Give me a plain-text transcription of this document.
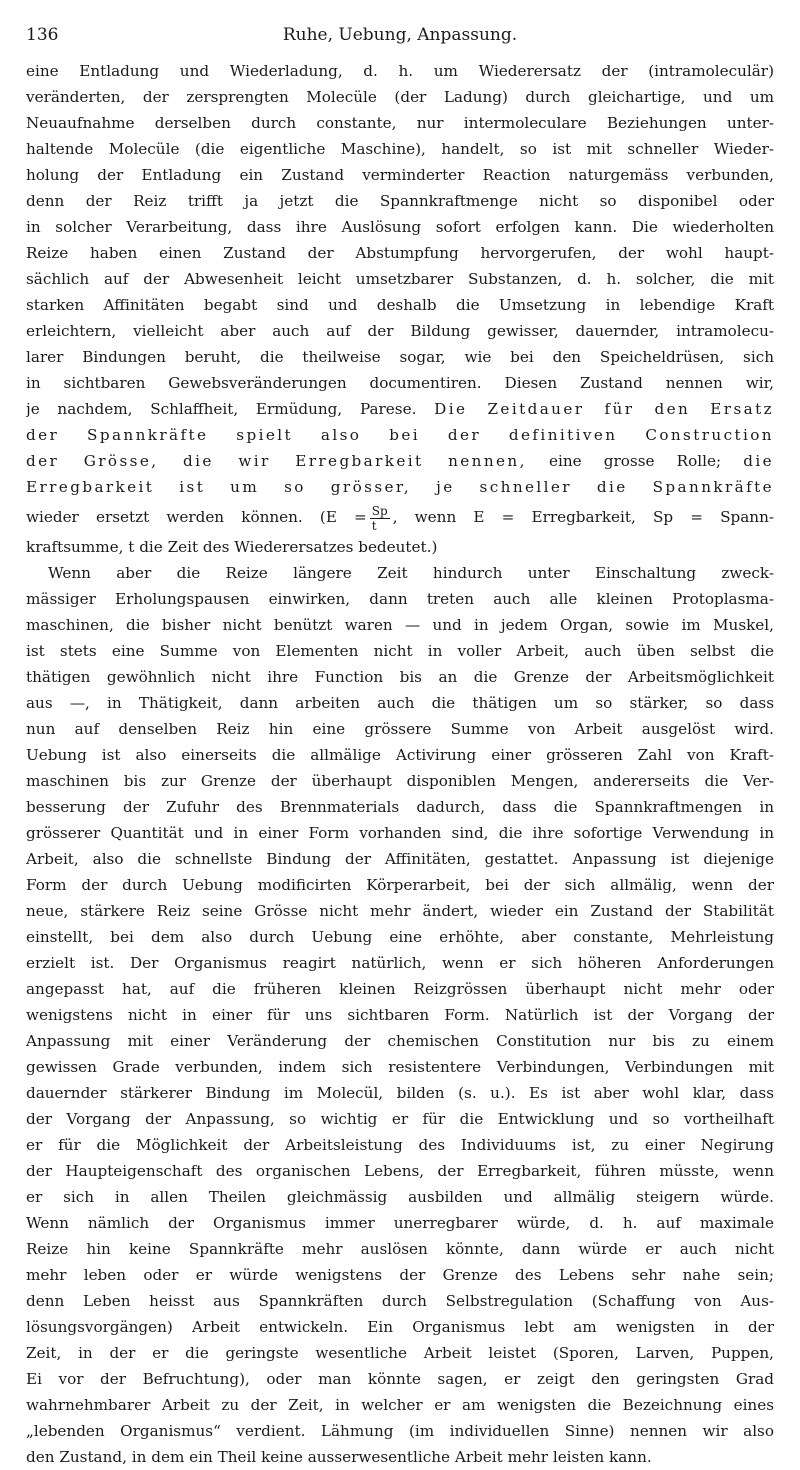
136	Ruhe, Uebung, Anpassung.
eine Entladung und Wiederladung, d. h. um Wiederersatz der (intramoleculär)
veränderten, der zersprengten Molecüle (der Ladung) durch gleichartige, und um
Neuaufnahme derselben durch constante, nur intermoleculare Beziehungen unter-
haltende Molecüle (die eigentliche Maschine), handelt, so ist mit schneller Wieder-
holung der Entladung ein Zustand verminderter Reaction naturgemäss verbunden,
denn der Reiz trifft ja jetzt die Spannkraftmenge nicht so disponibel oder
in solcher Verarbeitung, dass ihre Auslösung sofort erfolgen kann. Die wiederholten
Reize haben einen Zustand der Abstumpfung hervorgerufen, der wohl haupt-
sächlich auf der Abwesenheit leicht umsetzbarer Substanzen, d. h. solcher, die mit
starken Affinitäten begabt sind und deshalb die Umsetzung in lebendige Kraft
erleichtern, vielleicht aber auch auf der Bildung gewisser, dauernder, intramolecu-
larer Bindungen beruht, die theilweise sogar, wie bei den Speicheldrüsen, sich
in sichtbaren Gewebsveränderungen documentiren. Diesen Zustand nennen wir,
je nachdem, Schlaffheit, Ermüdung, Parese. Die Zeitdauer für den Ersatz
der Spannkräfte spielt also bei der definitiven Construction
der Grösse, die wir Erregbarkeit nennen, eine grosse Rolle; die
Erregbarkeit ist um so grösser, je schneller die Spannkräfte
wieder ersetzt werden können. ($E = \frac{Sp}{t}$ , wenn E = Erregbarkeit, Sp = Spann-
kraftsumme, t die Zeit des Wiederersatzes bedeutet.)
Wenn aber die Reize längere Zeit hindurch unter Einschaltung zweck-
mässiger Erholungspausen einwirken, dann treten auch alle kleinen Protoplasma-
maschinen, die bisher nicht benützt waren — und in jedem Organ, sowie im Muskel,
ist stets eine Summe von Elementen nicht in voller Arbeit, auch üben selbst die
thätigen gewöhnlich nicht ihre Function bis an die Grenze der Arbeitsmöglichkeit
aus —, in Thätigkeit, dann arbeiten auch die thätigen um so stärker, so dass
nun auf denselben Reiz hin eine grössere Summe von Arbeit ausgelöst wird.
Uebung ist also einerseits die allmälige Activirung einer grösseren Zahl von Kraft-
maschinen bis zur Grenze der überhaupt disponiblen Mengen, andererseits die Ver-
besserung der Zufuhr des Brennmaterials dadurch, dass die Spannkraftmengen in
grösserer Quantität und in einer Form vorhanden sind, die ihre sofortige Verwendung in
Arbeit, also die schnellste Bindung der Affinitäten, gestattet. Anpassung ist diejenige
Form der durch Uebung modificirten Körperarbeit, bei der sich allmälig, wenn der
neue, stärkere Reiz seine Grösse nicht mehr ändert, wieder ein Zustand der Stabilität
einstellt, bei dem also durch Uebung eine erhöhte, aber constante, Mehrleistung
erzielt ist. Der Organismus reagirt natürlich, wenn er sich höheren Anforderungen
angepasst hat, auf die früheren kleinen Reizgrössen überhaupt nicht mehr oder
wenigstens nicht in einer für uns sichtbaren Form. Natürlich ist der Vorgang der
Anpassung mit einer Veränderung der chemischen Constitution nur bis zu einem
gewissen Grade verbunden, indem sich resistentere Verbindungen, Verbindungen mit
dauernder stärkerer Bindung im Molecül, bilden (s. u.). Es ist aber wohl klar, dass
der Vorgang der Anpassung, so wichtig er für die Entwicklung und so vortheilhaft
er für die Möglichkeit der Arbeitsleistung des Individuums ist, zu einer Negirung
der Haupteigenschaft des organischen Lebens, der Erregbarkeit, führen müsste, wenn
er sich in allen Theilen gleichmässig ausbilden und allmälig steigern würde.
Wenn nämlich der Organismus immer unerregbarer würde, d. h. auf maximale
Reize hin keine Spannkräfte mehr auslösen könnte, dann würde er auch nicht
mehr leben oder er würde wenigstens der Grenze des Lebens sehr nahe sein;
denn Leben heisst aus Spannkräften durch Selbstregulation (Schaffung von Aus-
lösungsvorgängen) Arbeit entwickeln. Ein Organismus lebt am wenigsten in der
Zeit, in der er die geringste wesentliche Arbeit leistet (Sporen, Larven, Puppen,
Ei vor der Befruchtung), oder man könnte sagen, er zeigt den geringsten Grad
wahrnehmbarer Arbeit zu der Zeit, in welcher er am wenigsten die Bezeichnung eines
„lebenden Organismus“ verdient. Lähmung (im individuellen Sinne) nennen wir also
den Zustand, in dem ein Theil keine ausserwesentliche Arbeit mehr leisten kann.
